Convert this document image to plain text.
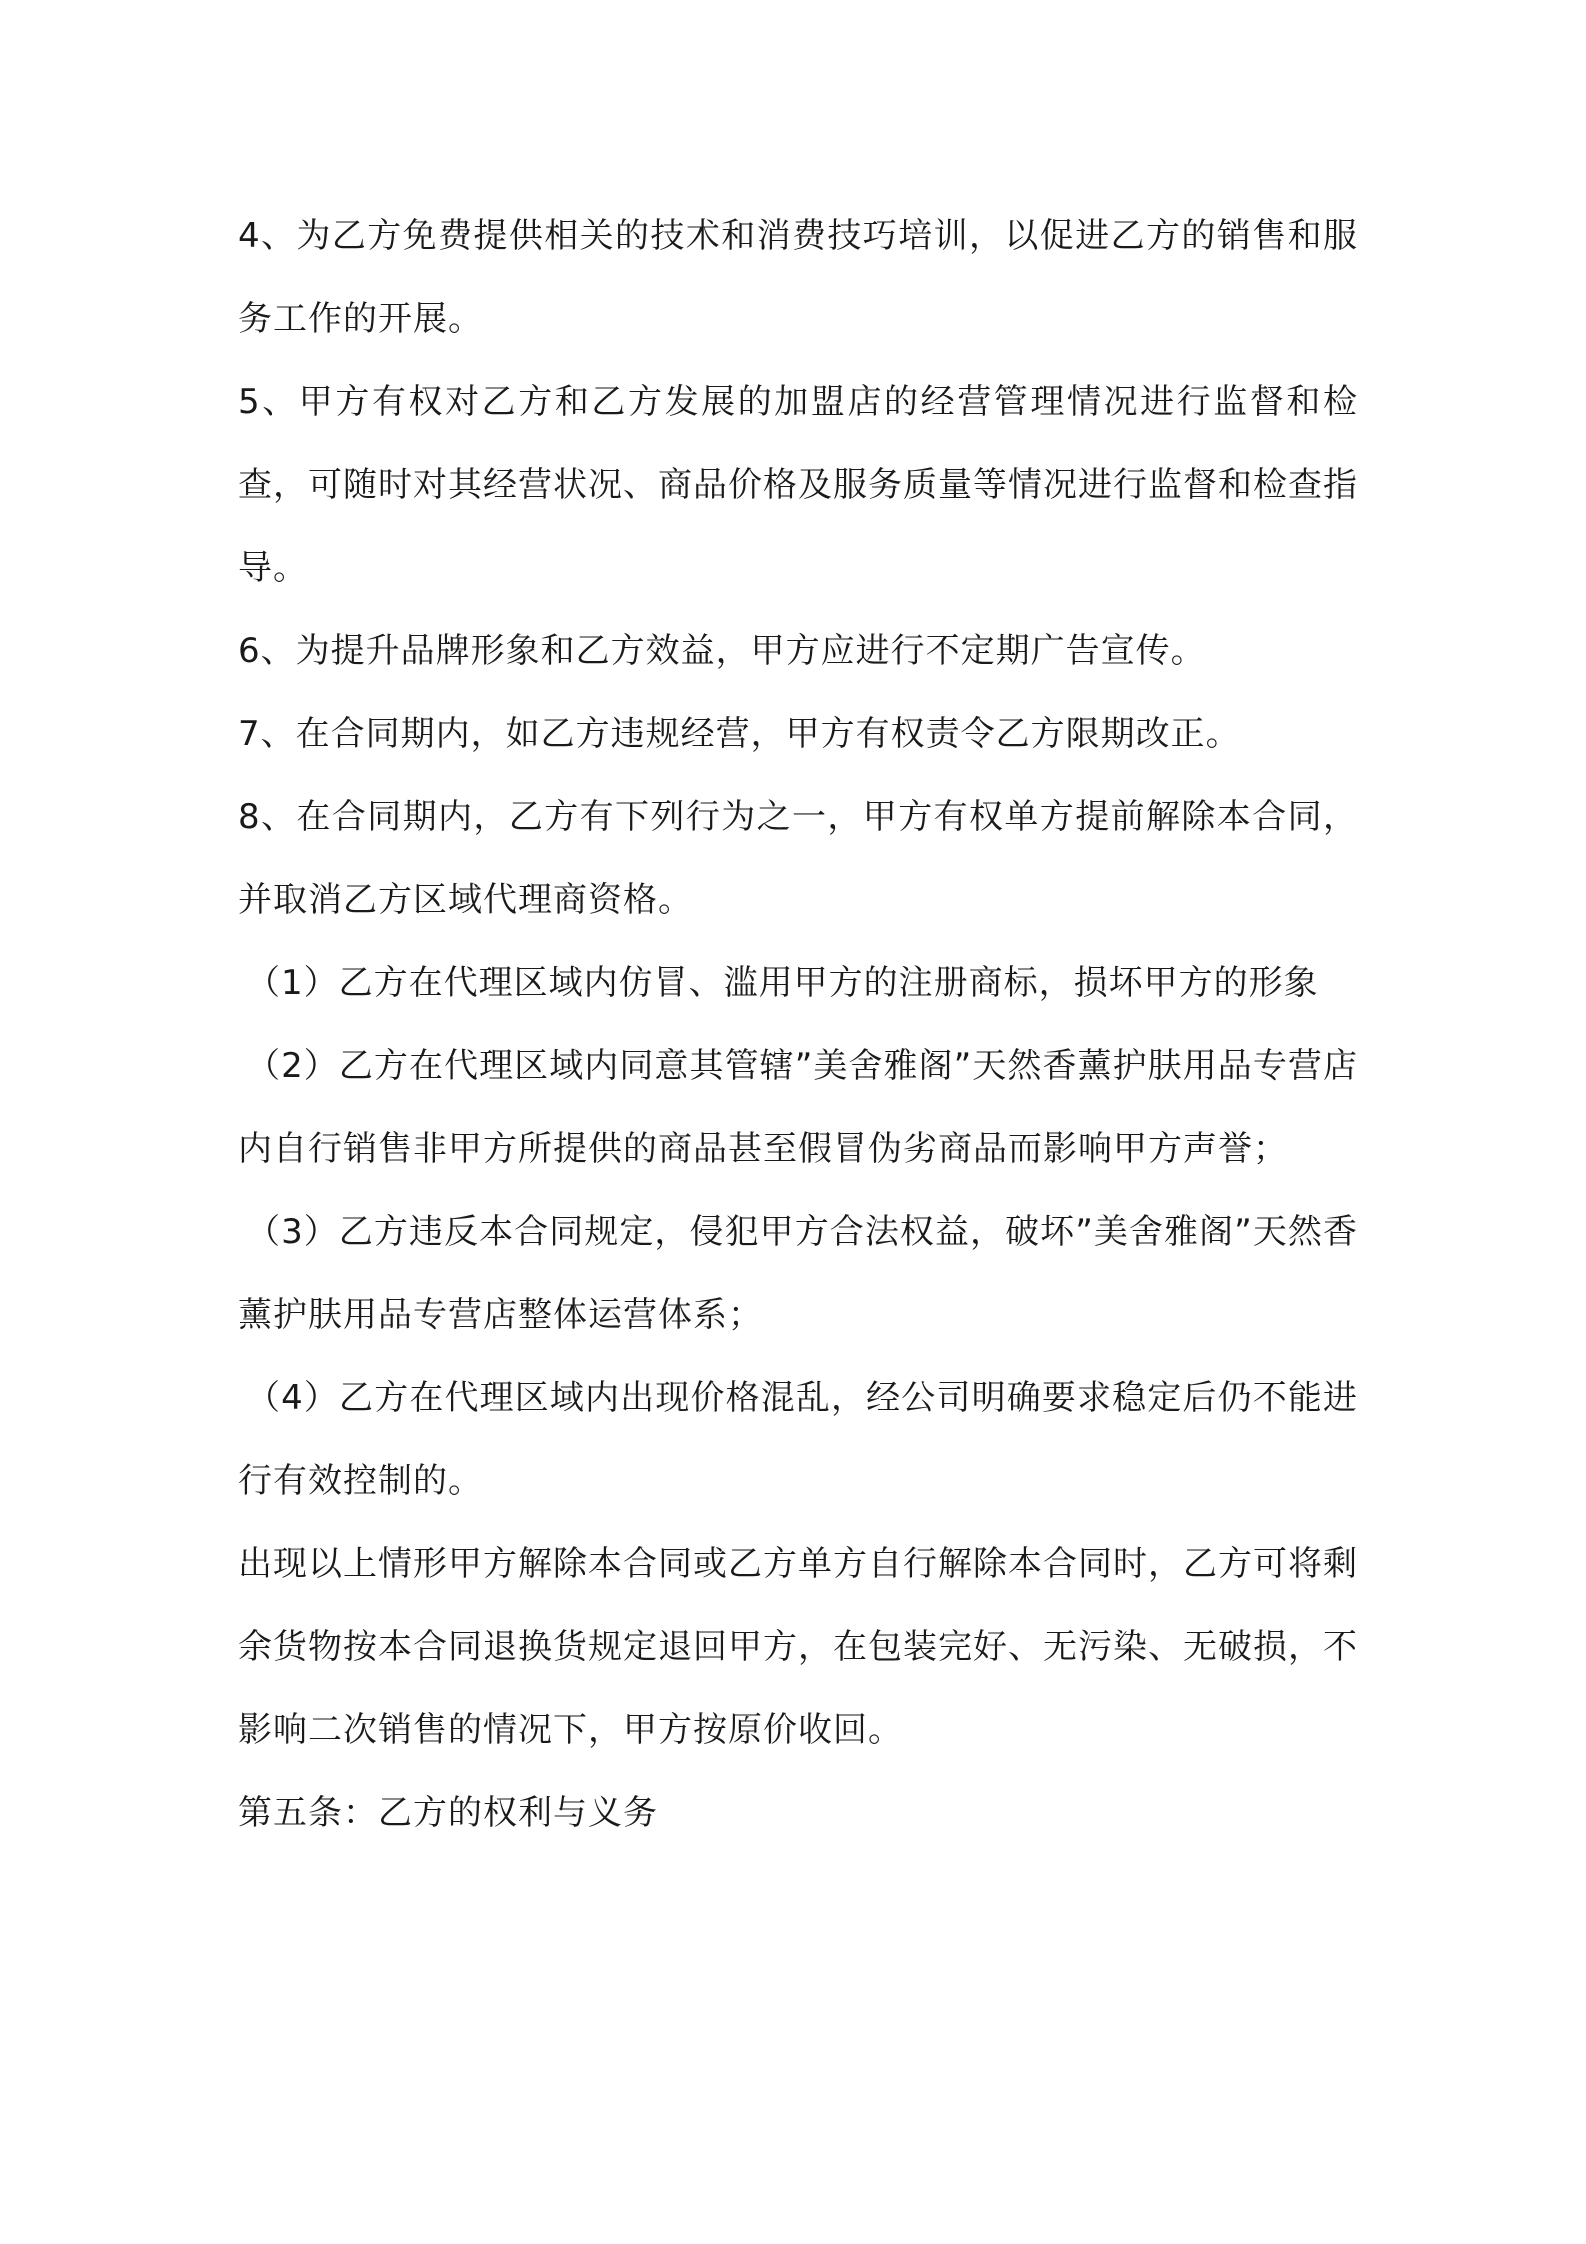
4、为乙方免费提供相关的技术和消费技巧培训，以促进乙方的销售和服务工作的开展。

5、甲方有权对乙方和乙方发展的加盟店的经营管理情况进行监督和检查，可随时对其经营状况、商品价格及服务质量等情况进行监督和检查指导。

6、为提升品牌形象和乙方效益，甲方应进行不定期广告宣传。

7、在合同期内，如乙方违规经营，甲方有权责令乙方限期改正。

8、在合同期内，乙方有下列行为之一，甲方有权单方提前解除本合同，并取消乙方区域代理商资格。

（1）乙方在代理区域内仿冒、滥用甲方的注册商标，损坏甲方的形象

（2）乙方在代理区域内同意其管辖”美舍雅阁”天然香薰护肤用品专营店内自行销售非甲方所提供的商品甚至假冒伪劣商品而影响甲方声誉；

（3）乙方违反本合同规定，侵犯甲方合法权益，破坏”美舍雅阁”天然香薰护肤用品专营店整体运营体系；

（4）乙方在代理区域内出现价格混乱，经公司明确要求稳定后仍不能进行有效控制的。

出现以上情形甲方解除本合同或乙方单方自行解除本合同时，乙方可将剩余货物按本合同退换货规定退回甲方，在包装完好、无污染、无破损，不影响二次销售的情况下，甲方按原价收回。

第五条：乙方的权利与义务
